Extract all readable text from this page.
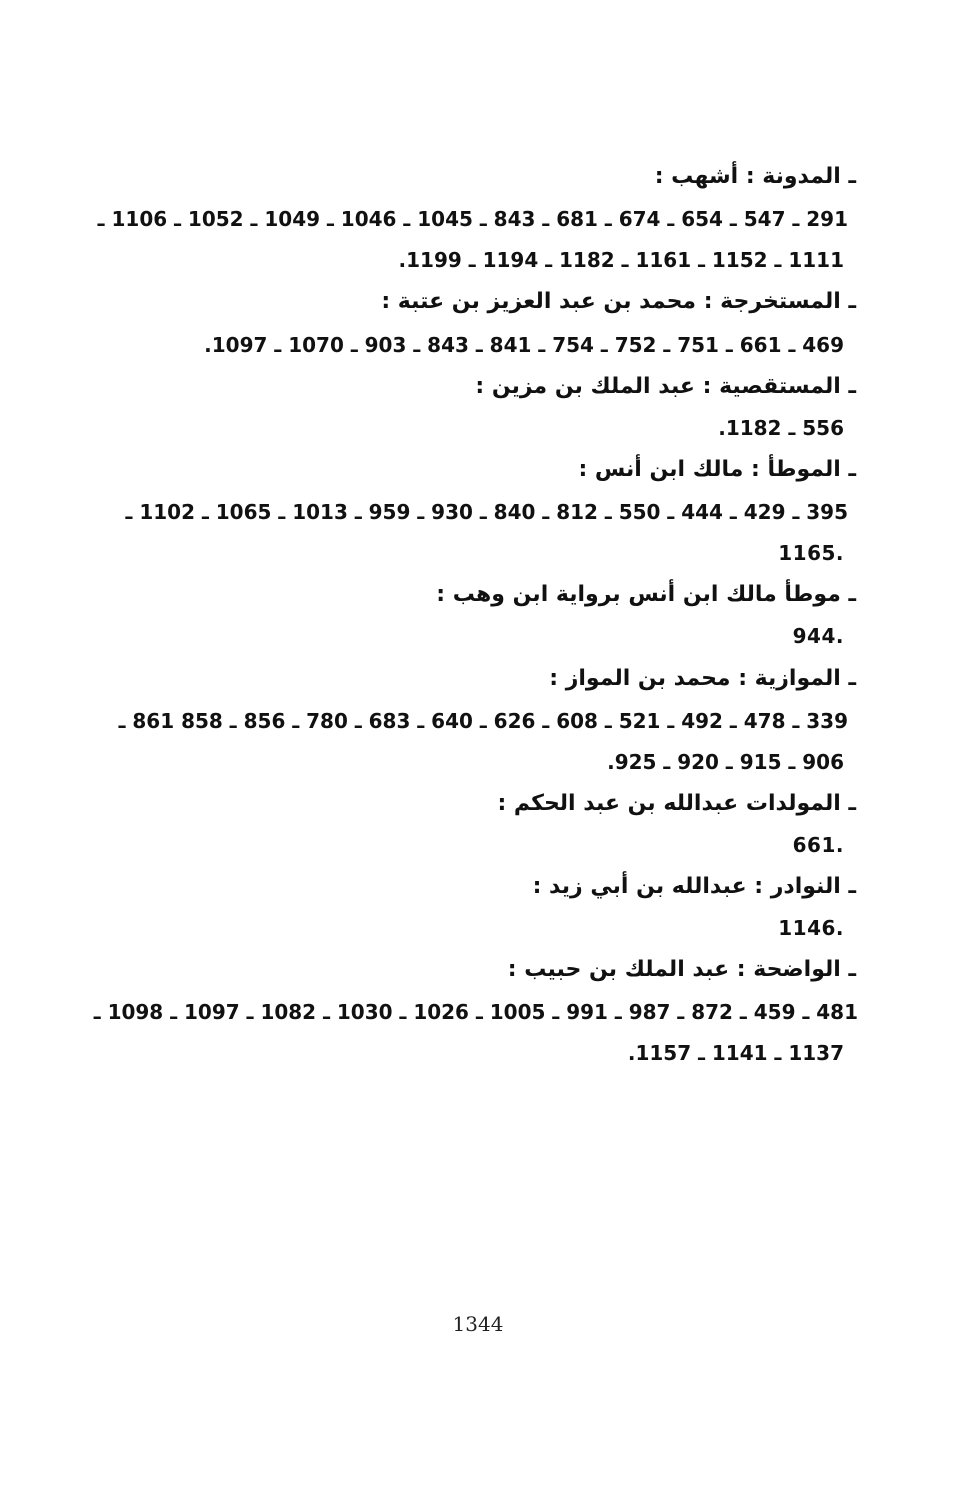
ـ المدونة : أشهب :
291 ـ 547 ـ 654 ـ 674 ـ 681 ـ 843 ـ 1045 ـ 1046 ـ 1049 ـ 1052 ـ 1106 ـ
1111 ـ 1152 ـ 1161 ـ 1182 ـ 1194 ـ 1199.
ـ المستخرجة : محمد بن عبد العزيز بن عتبة :
469 ـ 661 ـ 751 ـ 752 ـ 754 ـ 841 ـ 843 ـ 903 ـ 1070 ـ 1097.
ـ المستقصية : عبد الملك بن مزين :
556 ـ 1182.
ـ الموطأ : مالك ابن أنس :
395 ـ 429 ـ 444 ـ 550 ـ 812 ـ 840 ـ 930 ـ 959 ـ 1013 ـ 1065 ـ 1102 ـ
1165.
ـ موطأ مالك ابن أنس برواية ابن وهب :
944.
ـ الموازية : محمد بن المواز :
339 ـ 478 ـ 492 ـ 521 ـ 608 ـ 626 ـ 640 ـ 683 ـ 780 ـ 856 ـ 858 861 ـ
906 ـ 915 ـ 920 ـ 925.
ـ المولدات عبدالله بن عبد الحكم :
661.
ـ النوادر : عبدالله بن أبي زيد :
1146.
ـ الواضحة : عبد الملك بن حبيب :
481 ـ 459 ـ 872 ـ 987 ـ 991 ـ 1005 ـ 1026 ـ 1030 ـ 1082 ـ 1097 ـ 1098 ـ
1137 ـ 1141 ـ 1157.
1344
